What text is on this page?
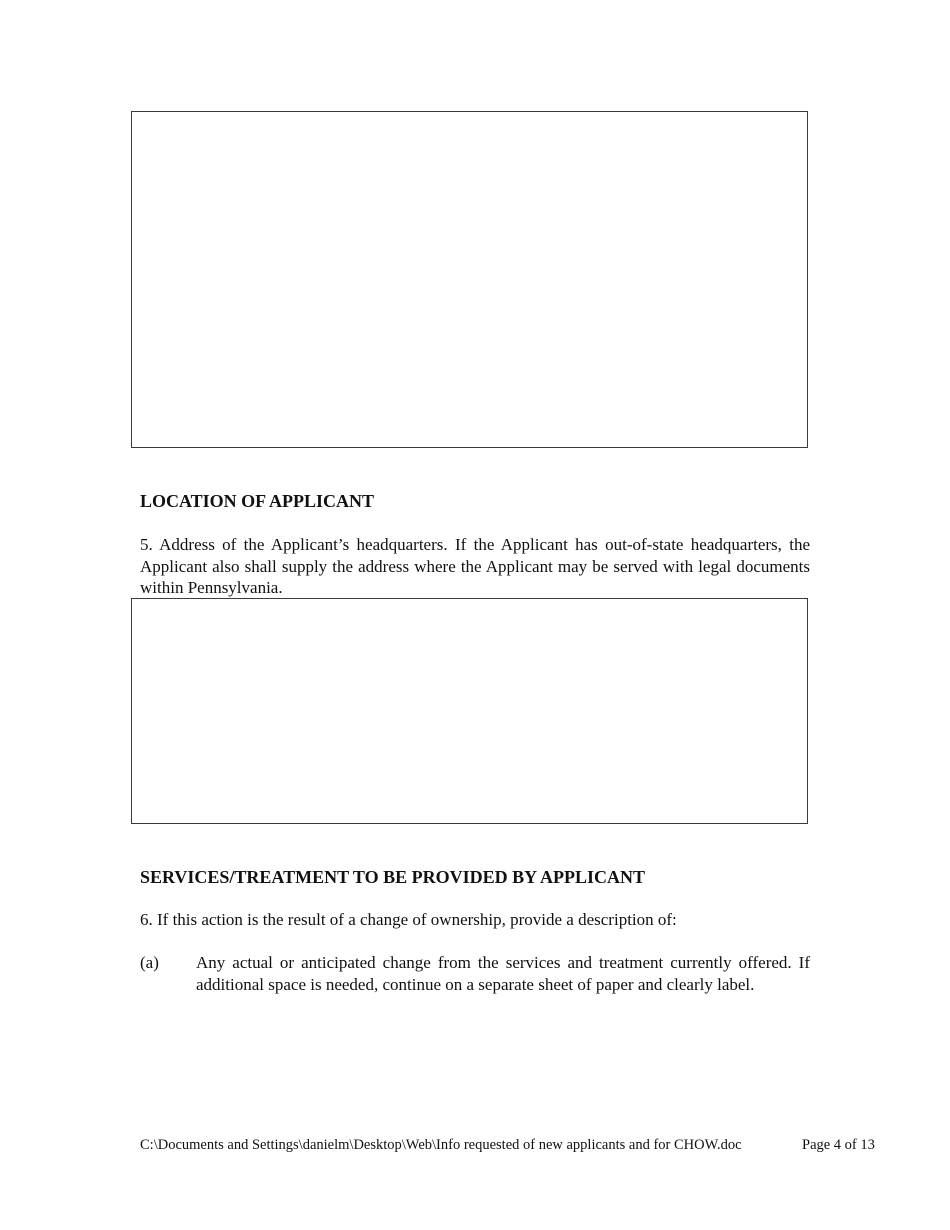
LOCATION OF APPLICANT
5. Address of the Applicant’s headquarters. If the Applicant has out-of-state headquarters, the Applicant also shall supply the address where the Applicant may be served with legal documents within Pennsylvania.
SERVICES/TREATMENT TO BE PROVIDED BY APPLICANT
6. If this action is the result of a change of ownership, provide a description of:
(a) Any actual or anticipated change from the services and treatment currently offered. If additional space is needed, continue on a separate sheet of paper and clearly label.
C:\Documents and Settings\danielm\Desktop\Web\Info requested of new applicants and for CHOW.doc	Page 4 of 13
